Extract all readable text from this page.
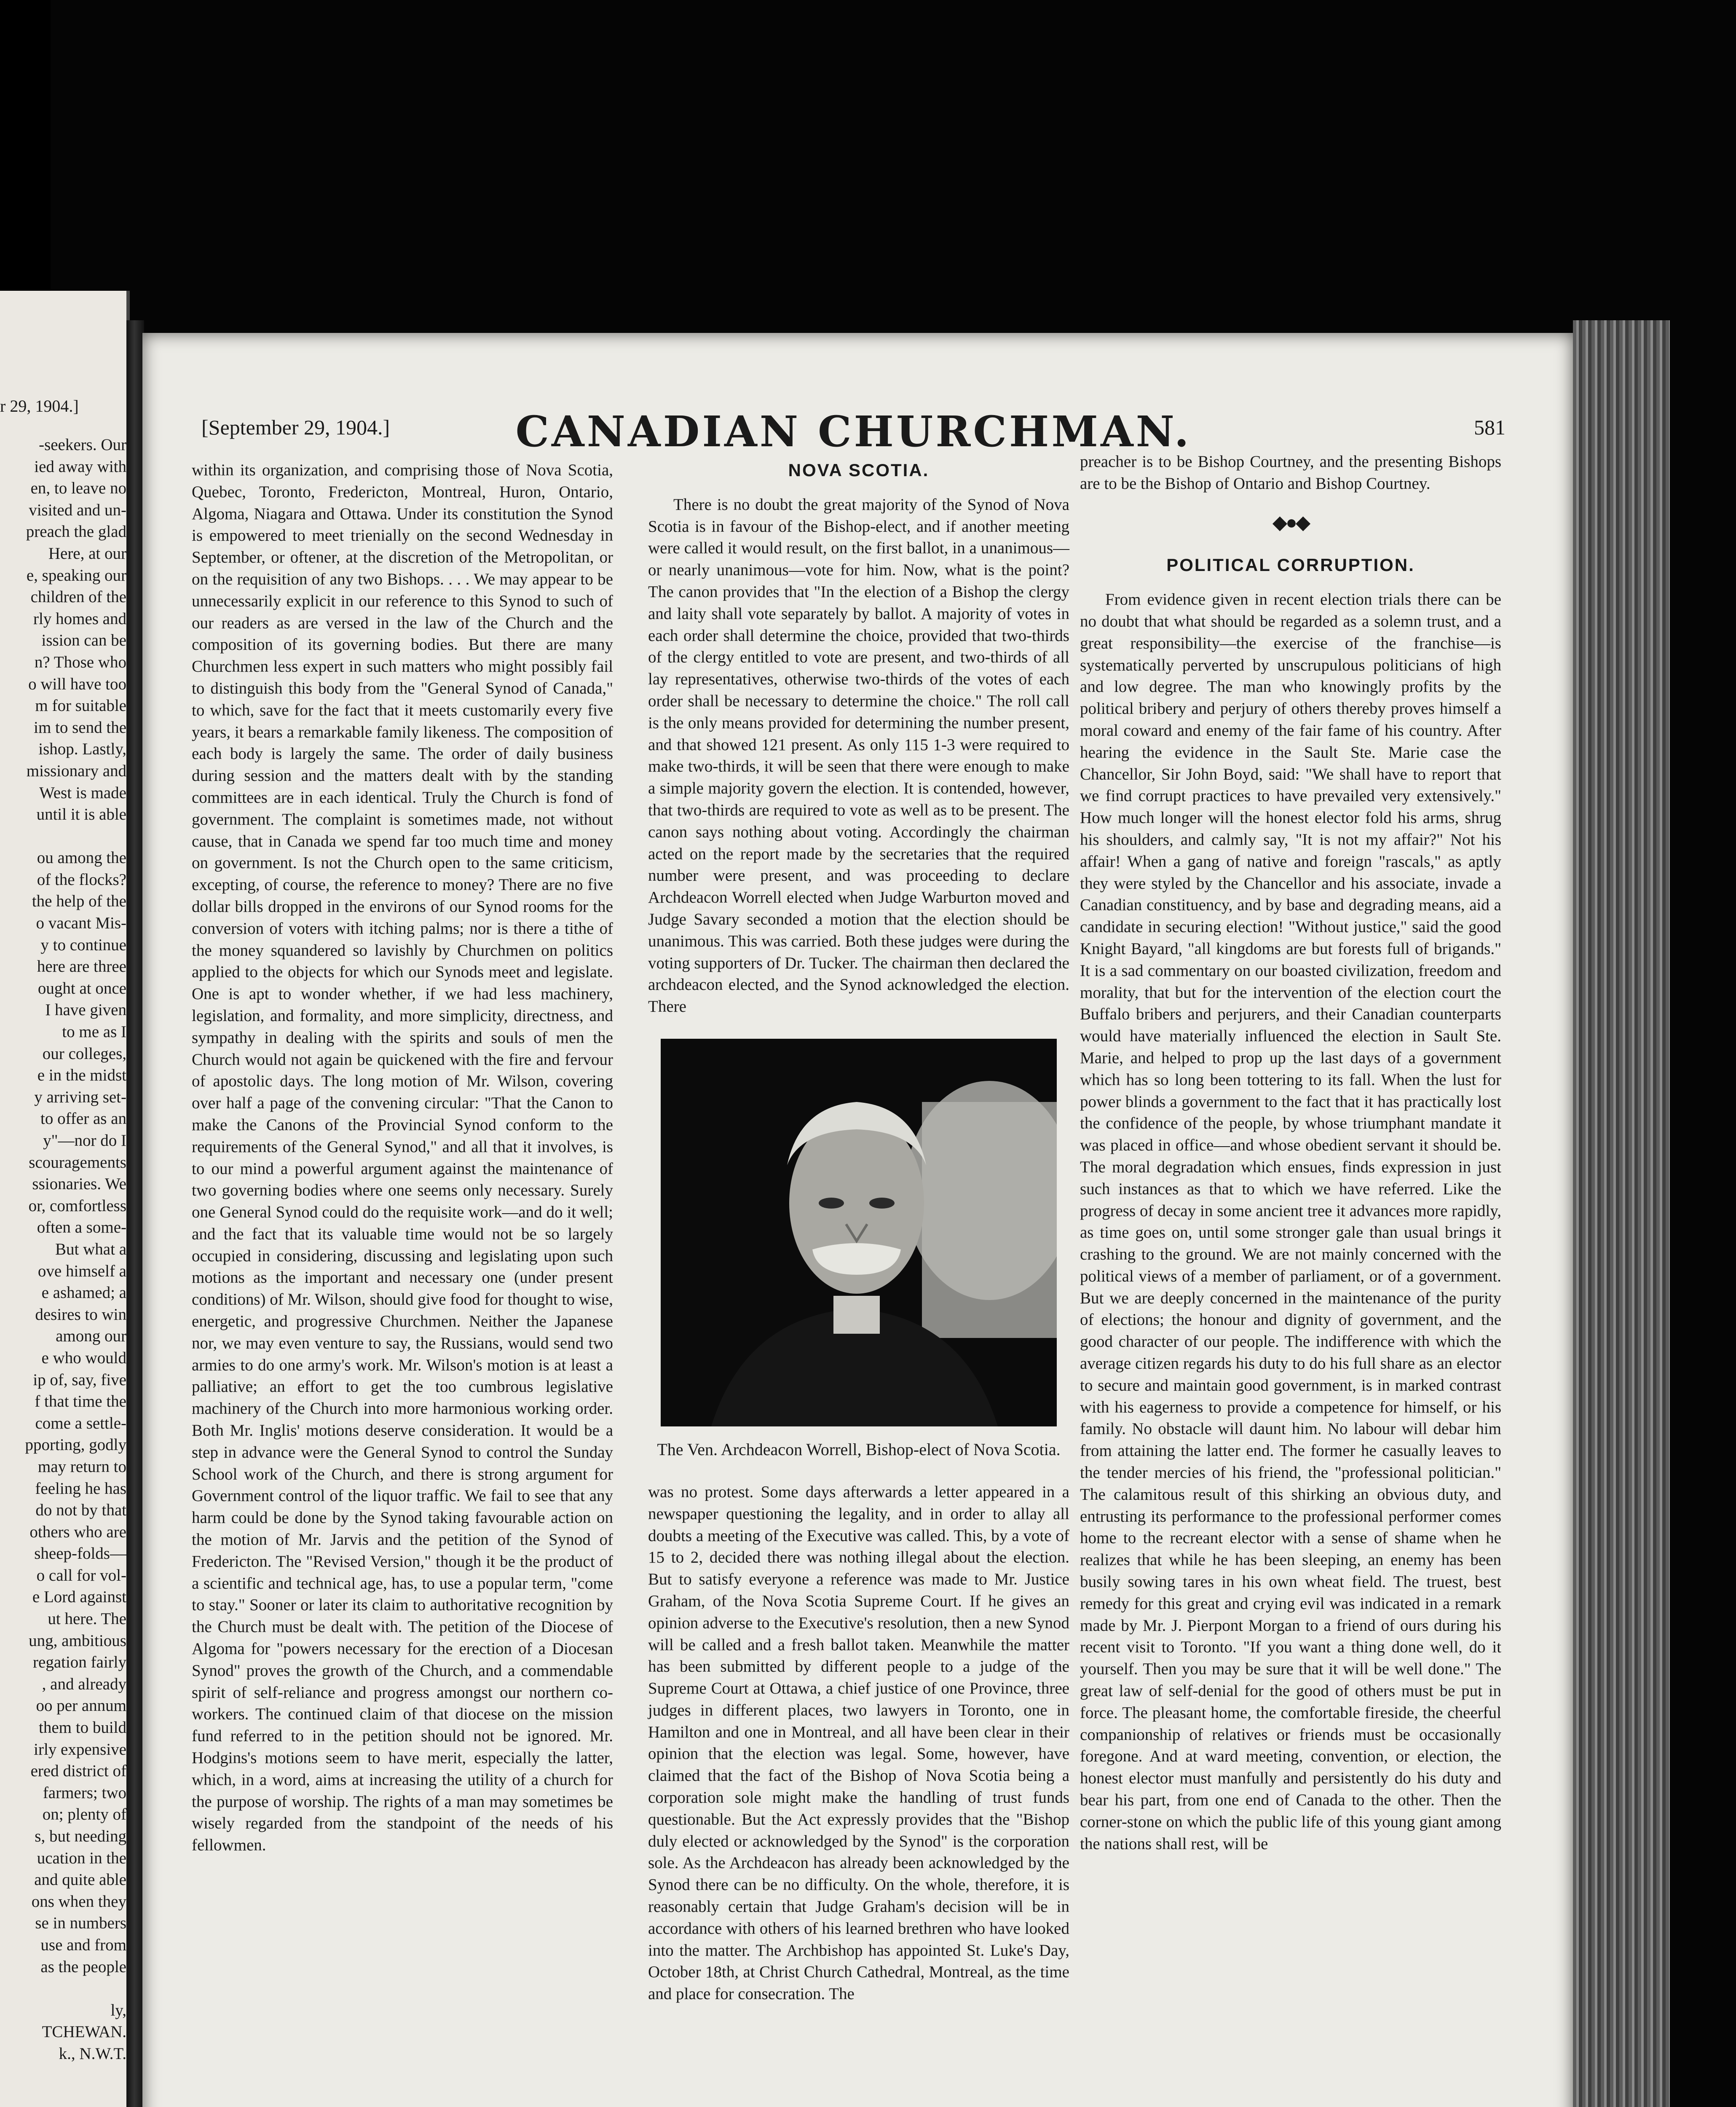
r 29, 1904.]
-seekers. Our
ied away with
en, to leave no
visited and un-
preach the glad
Here, at our
e, speaking our
children of the
rly homes and
ission can be
n? Those who
o will have too
m for suitable
im to send the
ishop. Lastly,
missionary and
West is made
until it is able

ou among the
of the flocks?
the help of the
o vacant Mis-
y to continue
here are three
ought at once
I have given
to me as I
our colleges,
e in the midst
y arriving set-
to offer as an
y"—nor do I
scouragements
ssionaries. We
or, comfortless
often a some-
But what a
ove himself a
e ashamed; a
desires to win
among our
e who would
ip of, say, five
f that time the
come a settle-
pporting, godly
may return to
feeling he has
do not by that
others who are
sheep-folds—
o call for vol-
e Lord against
ut here. The
ung, ambitious
regation fairly
, and already
oo per annum
them to build
irly expensive
ered district of
farmers; two
on; plenty of
s, but needing
ucation in the
and quite able
ons when they
se in numbers
use and from
as the people

ly,
TCHEWAN.
k., N.W.T.

[September 29, 1904.]	CANADIAN CHURCHMAN.	581

within its organization, and comprising those of Nova Scotia, Quebec, Toronto, Fredericton, Montreal, Huron, Ontario, Algoma, Niagara and Ottawa. Under its constitution the Synod is empowered to meet trienially on the second Wednesday in September, or oftener, at the discretion of the Metropolitan, or on the requisition of any two Bishops. . . . We may appear to be unnecessarily explicit in our reference to this Synod to such of our readers as are versed in the law of the Church and the composition of its governing bodies. But there are many Churchmen less expert in such matters who might possibly fail to distinguish this body from the "General Synod of Canada," to which, save for the fact that it meets customarily every five years, it bears a remarkable family likeness. The composition of each body is largely the same. The order of daily business during session and the matters dealt with by the standing committees are in each identical. Truly the Church is fond of government. The complaint is sometimes made, not without cause, that in Canada we spend far too much time and money on government. Is not the Church open to the same criticism, excepting, of course, the reference to money? There are no five dollar bills dropped in the environs of our Synod rooms for the conversion of voters with itching palms; nor is there a tithe of the money squandered so lavishly by Churchmen on politics applied to the objects for which our Synods meet and legislate. One is apt to wonder whether, if we had less machinery, legislation, and formality, and more simplicity, directness, and sympathy in dealing with the spirits and souls of men the Church would not again be quickened with the fire and fervour of apostolic days. The long motion of Mr. Wilson, covering over half a page of the convening circular: "That the Canon to make the Canons of the Provincial Synod conform to the requirements of the General Synod," and all that it involves, is to our mind a powerful argument against the maintenance of two governing bodies where one seems only necessary. Surely one General Synod could do the requisite work—and do it well; and the fact that its valuable time would not be so largely occupied in considering, discussing and legislating upon such motions as the important and necessary one (under present conditions) of Mr. Wilson, should give food for thought to wise, energetic, and progressive Churchmen. Neither the Japanese nor, we may even venture to say, the Russians, would send two armies to do one army's work. Mr. Wilson's motion is at least a palliative; an effort to get the too cumbrous legislative machinery of the Church into more harmonious working order. Both Mr. Inglis' motions deserve consideration. It would be a step in advance were the General Synod to control the Sunday School work of the Church, and there is strong argument for Government control of the liquor traffic. We fail to see that any harm could be done by the Synod taking favourable action on the motion of Mr. Jarvis and the petition of the Synod of Fredericton. The "Revised Version," though it be the product of a scientific and technical age, has, to use a popular term, "come to stay." Sooner or later its claim to authoritative recognition by the Church must be dealt with. The petition of the Diocese of Algoma for "powers necessary for the erection of a Diocesan Synod" proves the growth of the Church, and a commendable spirit of self-reliance and progress amongst our northern co-workers. The continued claim of that diocese on the mission fund referred to in the petition should not be ignored. Mr. Hodgins's motions seem to have merit, especially the latter, which, in a word, aims at increasing the utility of a church for the purpose of worship. The rights of a man may sometimes be wisely regarded from the standpoint of the needs of his fellowmen.

NOVA SCOTIA.

There is no doubt the great majority of the Synod of Nova Scotia is in favour of the Bishop-elect, and if another meeting were called it would result, on the first ballot, in a unanimous—or nearly unanimous—vote for him. Now, what is the point? The canon provides that "In the election of a Bishop the clergy and laity shall vote separately by ballot. A majority of votes in each order shall determine the choice, provided that two-thirds of the clergy entitled to vote are present, and two-thirds of all lay representatives, otherwise two-thirds of the votes of each order shall be necessary to determine the choice." The roll call is the only means provided for determining the number present, and that showed 121 present. As only 115 1-3 were required to make two-thirds, it will be seen that there were enough to make a simple majority govern the election. It is contended, however, that two-thirds are required to vote as well as to be present. The canon says nothing about voting. Accordingly the chairman acted on the report made by the secretaries that the required number were present, and was proceeding to declare Archdeacon Worrell elected when Judge Warburton moved and Judge Savary seconded a motion that the election should be unanimous. This was carried. Both these judges were during the voting supporters of Dr. Tucker. The chairman then declared the archdeacon elected, and the Synod acknowledged the election. There

The Ven. Archdeacon Worrell, Bishop-elect of Nova Scotia.

was no protest. Some days afterwards a letter appeared in a newspaper questioning the legality, and in order to allay all doubts a meeting of the Executive was called. This, by a vote of 15 to 2, decided there was nothing illegal about the election. But to satisfy everyone a reference was made to Mr. Justice Graham, of the Nova Scotia Supreme Court. If he gives an opinion adverse to the Executive's resolution, then a new Synod will be called and a fresh ballot taken. Meanwhile the matter has been submitted by different people to a judge of the Supreme Court at Ottawa, a chief justice of one Province, three judges in different places, two lawyers in Toronto, one in Hamilton and one in Montreal, and all have been clear in their opinion that the election was legal. Some, however, have claimed that the fact of the Bishop of Nova Scotia being a corporation sole might make the handling of trust funds questionable. But the Act expressly provides that the "Bishop duly elected or acknowledged by the Synod" is the corporation sole. As the Archdeacon has already been acknowledged by the Synod there can be no difficulty. On the whole, therefore, it is reasonably certain that Judge Graham's decision will be in accordance with others of his learned brethren who have looked into the matter. The Archbishop has appointed St. Luke's Day, October 18th, at Christ Church Cathedral, Montreal, as the time and place for consecration. The

preacher is to be Bishop Courtney, and the presenting Bishops are to be the Bishop of Ontario and Bishop Courtney.

◆●◆
POLITICAL CORRUPTION.

From evidence given in recent election trials there can be no doubt that what should be regarded as a solemn trust, and a great responsibility—the exercise of the franchise—is systematically perverted by unscrupulous politicians of high and low degree. The man who knowingly profits by the political bribery and perjury of others thereby proves himself a moral coward and enemy of the fair fame of his country. After hearing the evidence in the Sault Ste. Marie case the Chancellor, Sir John Boyd, said: "We shall have to report that we find corrupt practices to have prevailed very extensively." How much longer will the honest elector fold his arms, shrug his shoulders, and calmly say, "It is not my affair?" Not his affair! When a gang of native and foreign "rascals," as aptly they were styled by the Chancellor and his associate, invade a Canadian constituency, and by base and degrading means, aid a candidate in securing election! "Without justice," said the good Knight Bayard, "all kingdoms are but forests full of brigands." It is a sad commentary on our boasted civilization, freedom and morality, that but for the intervention of the election court the Buffalo bribers and perjurers, and their Canadian counterparts would have materially influenced the election in Sault Ste. Marie, and helped to prop up the last days of a government which has so long been tottering to its fall. When the lust for power blinds a government to the fact that it has practically lost the confidence of the people, by whose triumphant mandate it was placed in office—and whose obedient servant it should be. The moral degradation which ensues, finds expression in just such instances as that to which we have referred. Like the progress of decay in some ancient tree it advances more rapidly, as time goes on, until some stronger gale than usual brings it crashing to the ground. We are not mainly concerned with the political views of a member of parliament, or of a government. But we are deeply concerned in the maintenance of the purity of elections; the honour and dignity of government, and the good character of our people. The indifference with which the average citizen regards his duty to do his full share as an elector to secure and maintain good government, is in marked contrast with his eagerness to provide a competence for himself, or his family. No obstacle will daunt him. No labour will debar him from attaining the latter end. The former he casually leaves to the tender mercies of his friend, the "professional politician." The calamitous result of this shirking an obvious duty, and entrusting its performance to the professional performer comes home to the recreant elector with a sense of shame when he realizes that while he has been sleeping, an enemy has been busily sowing tares in his own wheat field. The truest, best remedy for this great and crying evil was indicated in a remark made by Mr. J. Pierpont Morgan to a friend of ours during his recent visit to Toronto. "If you want a thing done well, do it yourself. Then you may be sure that it will be well done." The great law of self-denial for the good of others must be put in force. The pleasant home, the comfortable fireside, the cheerful companionship of relatives or friends must be occasionally foregone. And at ward meeting, convention, or election, the honest elector must manfully and persistently do his duty and bear his part, from one end of Canada to the other. Then the corner-stone on which the public life of this young giant among the nations shall rest, will be
